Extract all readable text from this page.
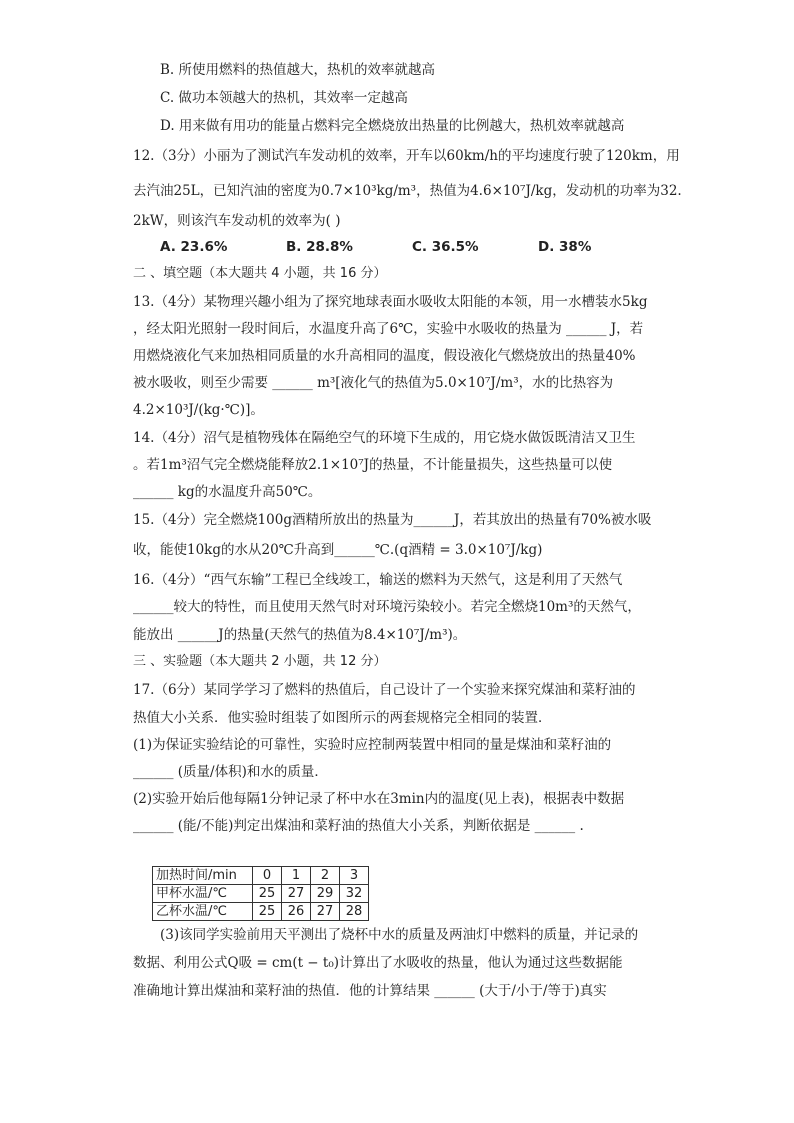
B. 所使用燃料的热值越大，热机的效率就越高
C. 做功本领越大的热机，其效率一定越高
D. 用来做有用功的能量占燃料完全燃烧放出热量的比例越大，热机效率就越高
12.（3分）小丽为了测试汽车发动机的效率，开车以60km/h的平均速度行驶了120km，用
去汽油25L，已知汽油的密度为0.7×10³kg/m³，热值为4.6×10⁷J/kg，发动机的功率为32.
2kW，则该汽车发动机的效率为( )
A. 23.6%	B. 28.8%	C. 36.5%	D. 38%
二 、填空题（本大题共 4 小题，共 16 分）
13.（4分）某物理兴趣小组为了探究地球表面水吸收太阳能的本领，用一水槽装水5kg
，经太阳光照射一段时间后，水温度升高了6℃，实验中水吸收的热量为 ______ J，若
用燃烧液化气来加热相同质量的水升高相同的温度，假设液化气燃烧放出的热量40%
被水吸收，则至少需要 ______ m³[液化气的热值为5.0×10⁷J/m³，水的比热容为
4.2×10³J/(kg·℃)]。
14.（4分）沼气是植物残体在隔绝空气的环境下生成的，用它烧水做饭既清洁又卫生
。若1m³沼气完全燃烧能释放2.1×10⁷J的热量，不计能量损失，这些热量可以使
______ kg的水温度升高50℃。
15.（4分）完全燃烧100g酒精所放出的热量为______J，若其放出的热量有70%被水吸
收，能使10kg的水从20℃升高到______℃.(q酒精 = 3.0×10⁷J/kg)
16.（4分）“西气东输”工程已全线竣工，输送的燃料为天然气，这是利用了天然气
______较大的特性，而且使用天然气时对环境污染较小。若完全燃烧10m³的天然气，
能放出 ______J的热量(天然气的热值为8.4×10⁷J/m³)。
三 、实验题（本大题共 2 小题，共 12 分）
17.（6分）某同学学习了燃料的热值后，自己设计了一个实验来探究煤油和菜籽油的
热值大小关系．他实验时组装了如图所示的两套规格完全相同的装置．
(1)为保证实验结论的可靠性，实验时应控制两装置中相同的量是煤油和菜籽油的
______ (质量/体积)和水的质量．
(2)实验开始后他每隔1分钟记录了杯中水在3min内的温度(见上表)，根据表中数据
______ (能/不能)判定出煤油和菜籽油的热值大小关系，判断依据是 ______ .
加热时间/min	0	1	2	3
甲杯水温/℃	25	27	29	32
乙杯水温/℃	25	26	27	28
(3)该同学实验前用天平测出了烧杯中水的质量及两油灯中燃料的质量，并记录的
数据、利用公式Q吸 = cm(t − t₀)计算出了水吸收的热量，他认为通过这些数据能
准确地计算出煤油和菜籽油的热值．他的计算结果 ______ (大于/小于/等于)真实
